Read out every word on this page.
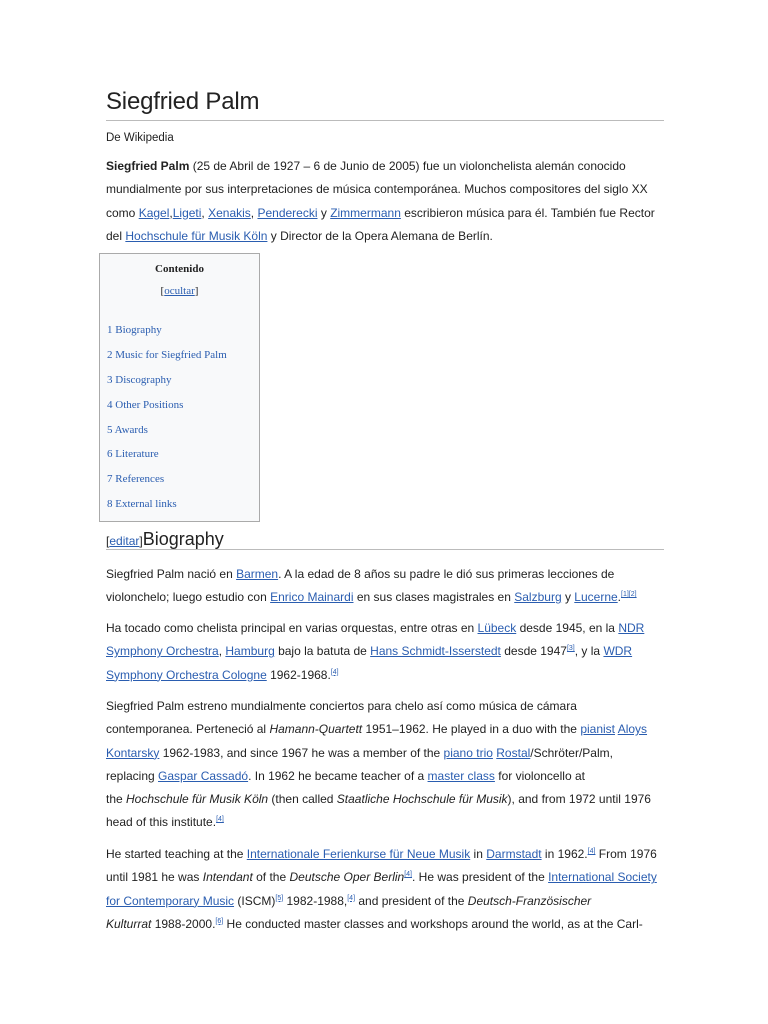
Siegfried Palm
De Wikipedia
Siegfried Palm (25 de Abril de 1927 – 6 de Junio de 2005) fue un violonchelista alemán conocido
mundialmente por sus interpretaciones de música contemporánea. Muchos compositores del siglo XX
como Kagel,Ligeti, Xenakis, Penderecki y Zimmermann escribieron música para él. También fue Rector
del Hochschule für Musik Köln y Director de la Opera Alemana de Berlín.
Contenido
[ocultar]
1 Biography
2 Music for Siegfried Palm
3 Discography
4 Other Positions
5 Awards
6 Literature
7 References
8 External links
[editar]Biography
Siegfried Palm nació en Barmen. A la edad de 8 años su padre le dió sus primeras lecciones de
violonchelo; luego estudio con Enrico Mainardi en sus clases magistrales en Salzburg y Lucerne.[1][2]
Ha tocado como chelista principal en varias orquestas, entre otras en Lübeck desde 1945, en la NDR
Symphony Orchestra, Hamburg bajo la batuta de Hans Schmidt-Isserstedt desde 1947[3], y la WDR
Symphony Orchestra Cologne 1962-1968.[4]
Siegfried Palm estreno mundialmente conciertos para chelo así como música de cámara
contemporanea. Perteneció al Hamann-Quartett 1951–1962. He played in a duo with the pianist Aloys
Kontarsky 1962-1983, and since 1967 he was a member of the piano trio Rostal/Schröter/Palm,
replacing Gaspar Cassadó. In 1962 he became teacher of a master class for violoncello at
the Hochschule für Musik Köln (then called Staatliche Hochschule für Musik), and from 1972 until 1976
head of this institute.[4]
He started teaching at the Internationale Ferienkurse für Neue Musik in Darmstadt in 1962.[4] From 1976
until 1981 he was Intendant of the Deutsche Oper Berlin[4]. He was president of the International Society
for Contemporary Music (ISCM)[5] 1982-1988,[4] and president of the Deutsch-Französischer
Kulturrat 1988-2000.[6] He conducted master classes and workshops around the world, as at the Carl-
